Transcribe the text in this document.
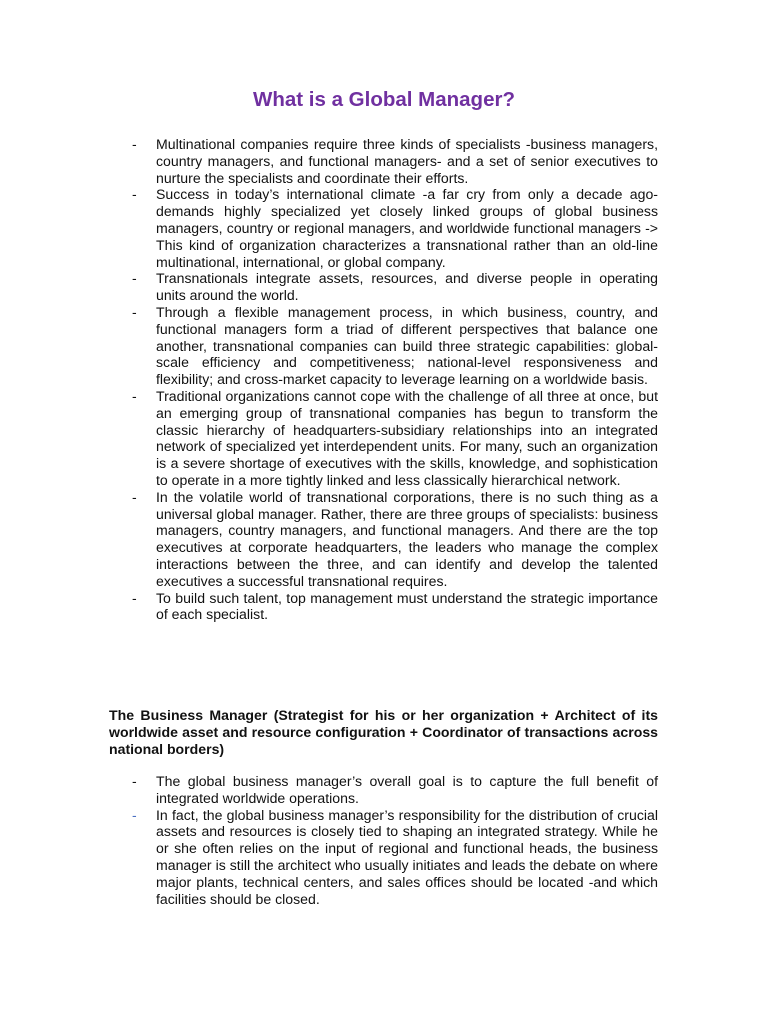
What is a Global Manager?
- Multinational companies require three kinds of specialists -business managers, country managers, and functional managers- and a set of senior executives to nurture the specialists and coordinate their efforts.
- Success in today’s international climate -a far cry from only a decade ago- demands highly specialized yet closely linked groups of global business managers, country or regional managers, and worldwide functional managers -> This kind of organization characterizes a transnational rather than an old-line multinational, international, or global company.
- Transnationals integrate assets, resources, and diverse people in operating units around the world.
- Through a flexible management process, in which business, country, and functional managers form a triad of different perspectives that balance one another, transnational companies can build three strategic capabilities: global-scale efficiency and competitiveness; national-level responsiveness and flexibility; and cross-market capacity to leverage learning on a worldwide basis.
- Traditional organizations cannot cope with the challenge of all three at once, but an emerging group of transnational companies has begun to transform the classic hierarchy of headquarters-subsidiary relationships into an integrated network of specialized yet interdependent units. For many, such an organization is a severe shortage of executives with the skills, knowledge, and sophistication to operate in a more tightly linked and less classically hierarchical network.
- In the volatile world of transnational corporations, there is no such thing as a universal global manager. Rather, there are three groups of specialists: business managers, country managers, and functional managers. And there are the top executives at corporate headquarters, the leaders who manage the complex interactions between the three, and can identify and develop the talented executives a successful transnational requires.
- To build such talent, top management must understand the strategic importance of each specialist.

The Business Manager (Strategist for his or her organization + Architect of its worldwide asset and resource configuration + Coordinator of transactions across national borders)

- The global business manager’s overall goal is to capture the full benefit of integrated worldwide operations.
- In fact, the global business manager’s responsibility for the distribution of crucial assets and resources is closely tied to shaping an integrated strategy. While he or she often relies on the input of regional and functional heads, the business manager is still the architect who usually initiates and leads the debate on where major plants, technical centers, and sales offices should be located -and which facilities should be closed.
